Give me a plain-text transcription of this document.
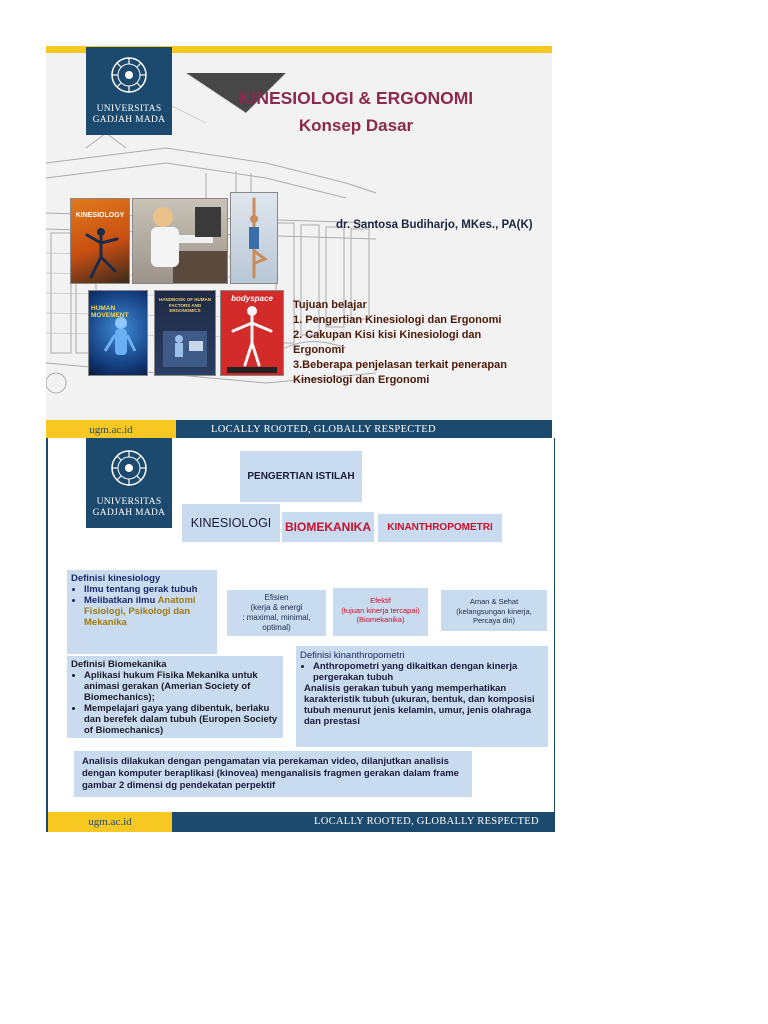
UNIVERSITAS
GADJAH MADA
KINESIOLOGI & ERGONOMI
Konsep Dasar
dr. Santosa Budiharjo, MKes., PA(K)
KINESIOLOGY
HUMAN MOVEMENT
HANDBOOK OF HUMAN FACTORS AND ERGONOMICS
bodyspace
Tujuan belajar
1. Pengertian Kinesiologi dan Ergonomi
2. Cakupan Kisi kisi Kinesiologi dan Ergonomi
3.Beberapa penjelasan terkait penerapan Kinesiologi dan Ergonomi
ugm.ac.id	LOCALLY ROOTED, GLOBALLY RESPECTED
UNIVERSITAS
GADJAH MADA
PENGERTIAN ISTILAH
KINESIOLOGI	BIOMEKANIKA	KINANTHROPOMETRI
Definisi kinesiology
• Ilmu tentang gerak tubuh
• Melibatkan ilmu Anatomi Fisiologi, Psikologi dan Mekanika
Efisien
(kerja & energi
: maximal, minimal,
optimal)
Efektif
(tujuan kinerja tercapai)
(Biomekanika)
Aman & Sehat
(kelangsungan kinerja,
Percaya diri)
Definisi Biomekanika
• Aplikasi hukum Fisika Mekanika untuk animasi gerakan (Amerian Society of Biomechanics);
• Mempelajari gaya yang dibentuk, berlaku dan berefek dalam tubuh (Europen Society of Biomechanics)
Definisi kinanthropometri
• Anthropometri yang dikaitkan dengan kinerja pergerakan tubuh
Analisis gerakan tubuh yang memperhatikan karakteristik tubuh (ukuran, bentuk, dan komposisi tubuh menurut jenis kelamin, umur, jenis olahraga dan prestasi
Analisis dilakukan dengan pengamatan via perekaman video, dilanjutkan analisis dengan komputer beraplikasi (kinovea) menganalisis fragmen gerakan dalam frame gambar 2 dimensi dg pendekatan perpektif
ugm.ac.id	LOCALLY ROOTED, GLOBALLY RESPECTED
